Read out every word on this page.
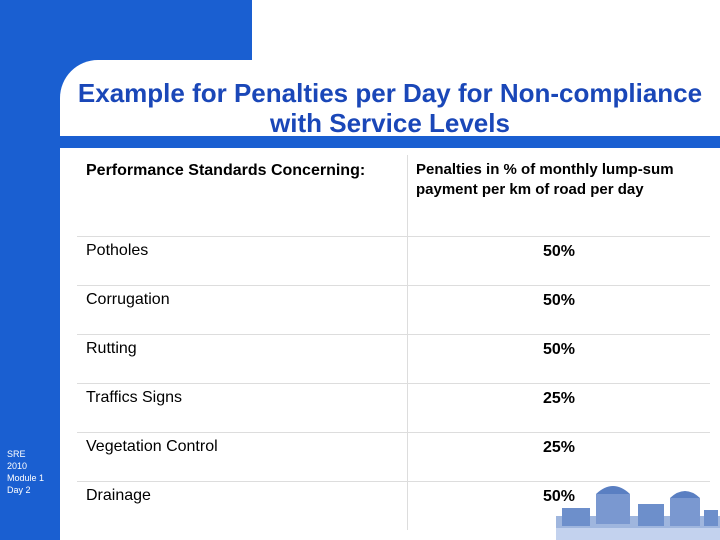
Example for Penalties per Day for Non-compliance with Service Levels
SRE
2010
Module 1
Day 2
Performance Standards Concerning:	Penalties in % of monthly lump-sum payment per km of road per day
Potholes	50%
Corrugation	50%
Rutting	50%
Traffics Signs	25%
Vegetation Control	25%
Drainage	50%
